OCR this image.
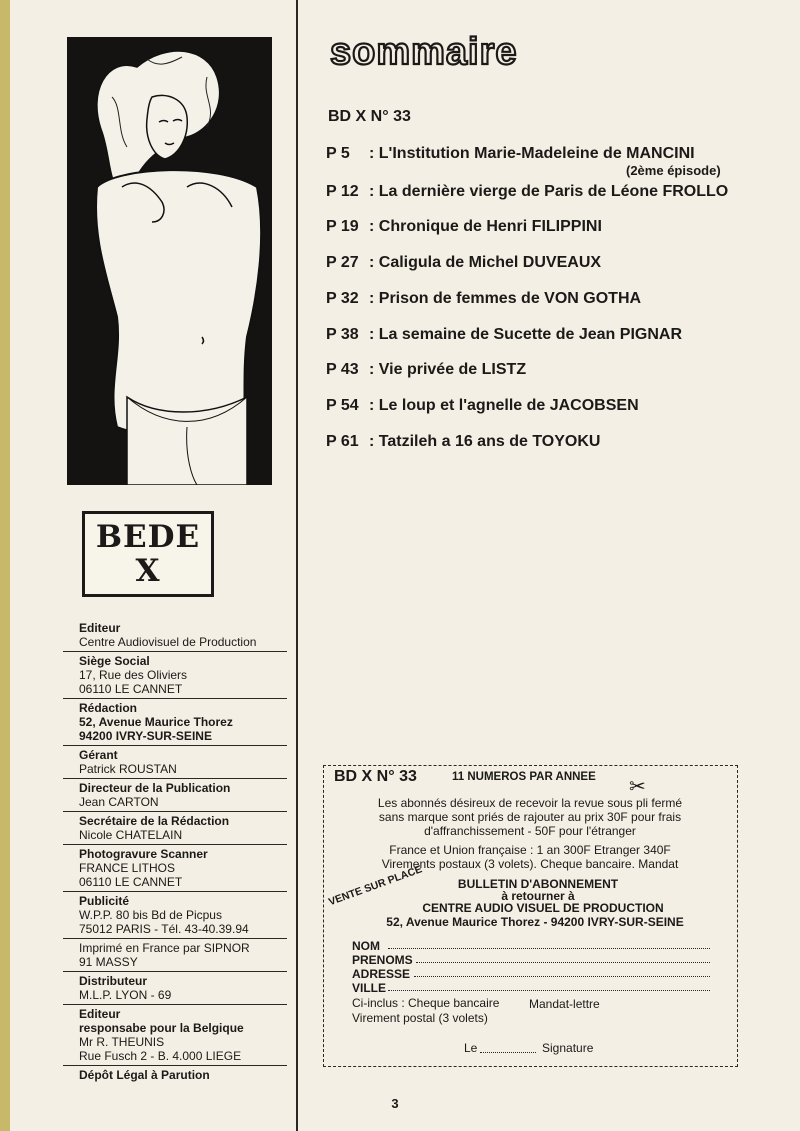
BEDE
X
Editeur
Centre Audiovisuel de Production
Siège Social
17, Rue des Oliviers
06110 LE CANNET
Rédaction
52, Avenue Maurice Thorez
94200 IVRY-SUR-SEINE
Gérant
Patrick ROUSTAN
Directeur de la Publication
Jean CARTON
Secrétaire de la Rédaction
Nicole CHATELAIN
Photogravure Scanner
FRANCE LITHOS
06110 LE CANNET
Publicité
W.P.P. 80 bis Bd de Picpus
75012 PARIS - Tél. 43-40.39.94
Imprimé en France par SIPNOR
91 MASSY
Distributeur
M.L.P. LYON - 69
Editeur
responsabe pour la Belgique
Mr R. THEUNIS
Rue Fusch 2 - B. 4.000 LIEGE
Dépôt Légal à Parution
sommaire
BD X N° 33
P 5 : L'Institution Marie-Madeleine de MANCINI
(2ème épisode)
P 12 : La dernière vierge de Paris de Léone FROLLO
P 19 : Chronique de Henri FILIPPINI
P 27 : Caligula de Michel DUVEAUX
P 32 : Prison de femmes de VON GOTHA
P 38 : La semaine de Sucette de Jean PIGNAR
P 43 : Vie privée de LISTZ
P 54 : Le loup et l'agnelle de JACOBSEN
P 61 : Tatzileh a 16 ans de TOYOKU
✂
BD X N° 33	11 NUMEROS PAR ANNEE
Les abonnés désireux de recevoir la revue sous pli fermé
sans marque sont priés de rajouter au prix 30F pour frais
d'affranchissement - 50F pour l'étranger
France et Union française : 1 an 300F Etranger 340F
Virements postaux (3 volets). Cheque bancaire. Mandat
BULLETIN D'ABONNEMENT
à retourner à
CENTRE AUDIO VISUEL DE PRODUCTION
52, Avenue Maurice Thorez - 94200 IVRY-SUR-SEINE
VENTE SUR PLACE
NOM
PRENOMS
ADRESSE
VILLE
Ci-inclus : Cheque bancaire Mandat-lettre
Virement postal (3 volets)
Le	Signature
3
